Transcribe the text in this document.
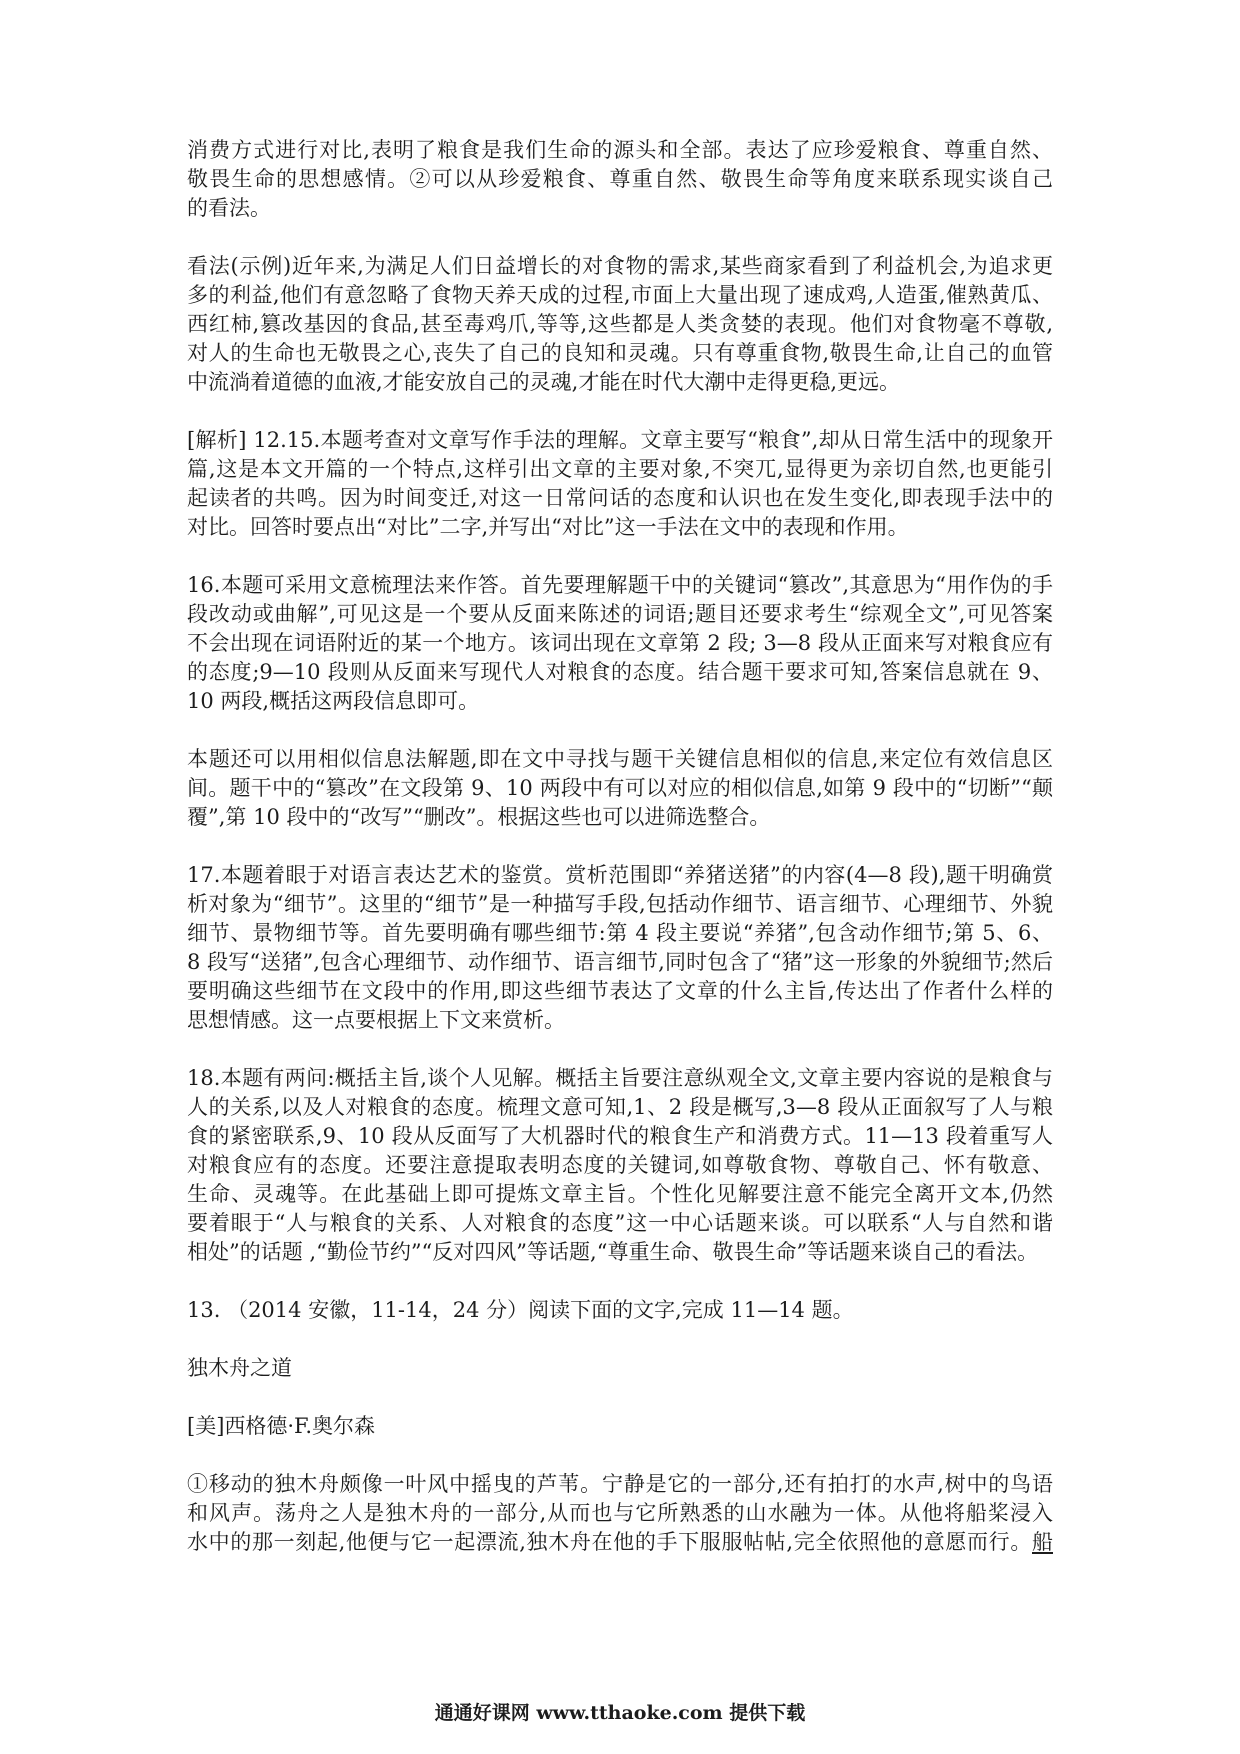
消费方式进行对比,表明了粮食是我们生命的源头和全部。表达了应珍爱粮食、尊重自然、
敬畏生命的思想感情。②可以从珍爱粮食、尊重自然、敬畏生命等角度来联系现实谈自己
的看法。
看法(示例)近年来,为满足人们日益增长的对食物的需求,某些商家看到了利益机会,为追求更
多的利益,他们有意忽略了食物天养天成的过程,市面上大量出现了速成鸡,人造蛋,催熟黄瓜、
西红柿,篡改基因的食品,甚至毒鸡爪,等等,这些都是人类贪婪的表现。他们对食物毫不尊敬,
对人的生命也无敬畏之心,丧失了自己的良知和灵魂。只有尊重食物,敬畏生命,让自己的血管
中流淌着道德的血液,才能安放自己的灵魂,才能在时代大潮中走得更稳,更远。
[解析] 12.15.本题考查对文章写作手法的理解。文章主要写“粮食”,却从日常生活中的现象开
篇,这是本文开篇的一个特点,这样引出文章的主要对象,不突兀,显得更为亲切自然,也更能引
起读者的共鸣。因为时间变迁,对这一日常问话的态度和认识也在发生变化,即表现手法中的
对比。回答时要点出“对比”二字,并写出“对比”这一手法在文中的表现和作用。
16.本题可采用文意梳理法来作答。首先要理解题干中的关键词“篡改”,其意思为“用作伪的手
段改动或曲解”,可见这是一个要从反面来陈述的词语;题目还要求考生“综观全文”,可见答案
不会出现在词语附近的某一个地方。该词出现在文章第 2 段; 3—8 段从正面来写对粮食应有
的态度;9—10 段则从反面来写现代人对粮食的态度。结合题干要求可知,答案信息就在 9、
10 两段,概括这两段信息即可。
本题还可以用相似信息法解题,即在文中寻找与题干关键信息相似的信息,来定位有效信息区
间。题干中的“篡改”在文段第 9、10 两段中有可以对应的相似信息,如第 9 段中的“切断”“颠
覆”,第 10 段中的“改写”“删改”。根据这些也可以进筛选整合。
17.本题着眼于对语言表达艺术的鉴赏。赏析范围即“养猪送猪”的内容(4—8 段),题干明确赏
析对象为“细节”。这里的“细节”是一种描写手段,包括动作细节、语言细节、心理细节、外貌
细节、景物细节等。首先要明确有哪些细节:第 4 段主要说“养猪”,包含动作细节;第 5、6、
8 段写“送猪”,包含心理细节、动作细节、语言细节,同时包含了“猪”这一形象的外貌细节;然后
要明确这些细节在文段中的作用,即这些细节表达了文章的什么主旨,传达出了作者什么样的
思想情感。这一点要根据上下文来赏析。
18.本题有两问:概括主旨,谈个人见解。概括主旨要注意纵观全文,文章主要内容说的是粮食与
人的关系,以及人对粮食的态度。梳理文意可知,1、2 段是概写,3—8 段从正面叙写了人与粮
食的紧密联系,9、10 段从反面写了大机器时代的粮食生产和消费方式。11—13 段着重写人
对粮食应有的态度。还要注意提取表明态度的关键词,如尊敬食物、尊敬自己、怀有敬意、
生命、灵魂等。在此基础上即可提炼文章主旨。个性化见解要注意不能完全离开文本,仍然
要着眼于“人与粮食的关系、人对粮食的态度”这一中心话题来谈。可以联系“人与自然和谐
相处”的话题 ,“勤俭节约”“反对四风”等话题,“尊重生命、敬畏生命”等话题来谈自己的看法。
13. （2014 安徽，11-14，24 分）阅读下面的文字,完成 11—14 题。
独木舟之道
[美]西格德·F.奥尔森
①移动的独木舟颇像一叶风中摇曳的芦苇。宁静是它的一部分,还有拍打的水声,树中的鸟语
和风声。荡舟之人是独木舟的一部分,从而也与它所熟悉的山水融为一体。从他将船桨浸入
水中的那一刻起,他便与它一起漂流,独木舟在他的手下服服帖帖,完全依照他的意愿而行。船
通通好课网 www.tthaoke.com 提供下载
